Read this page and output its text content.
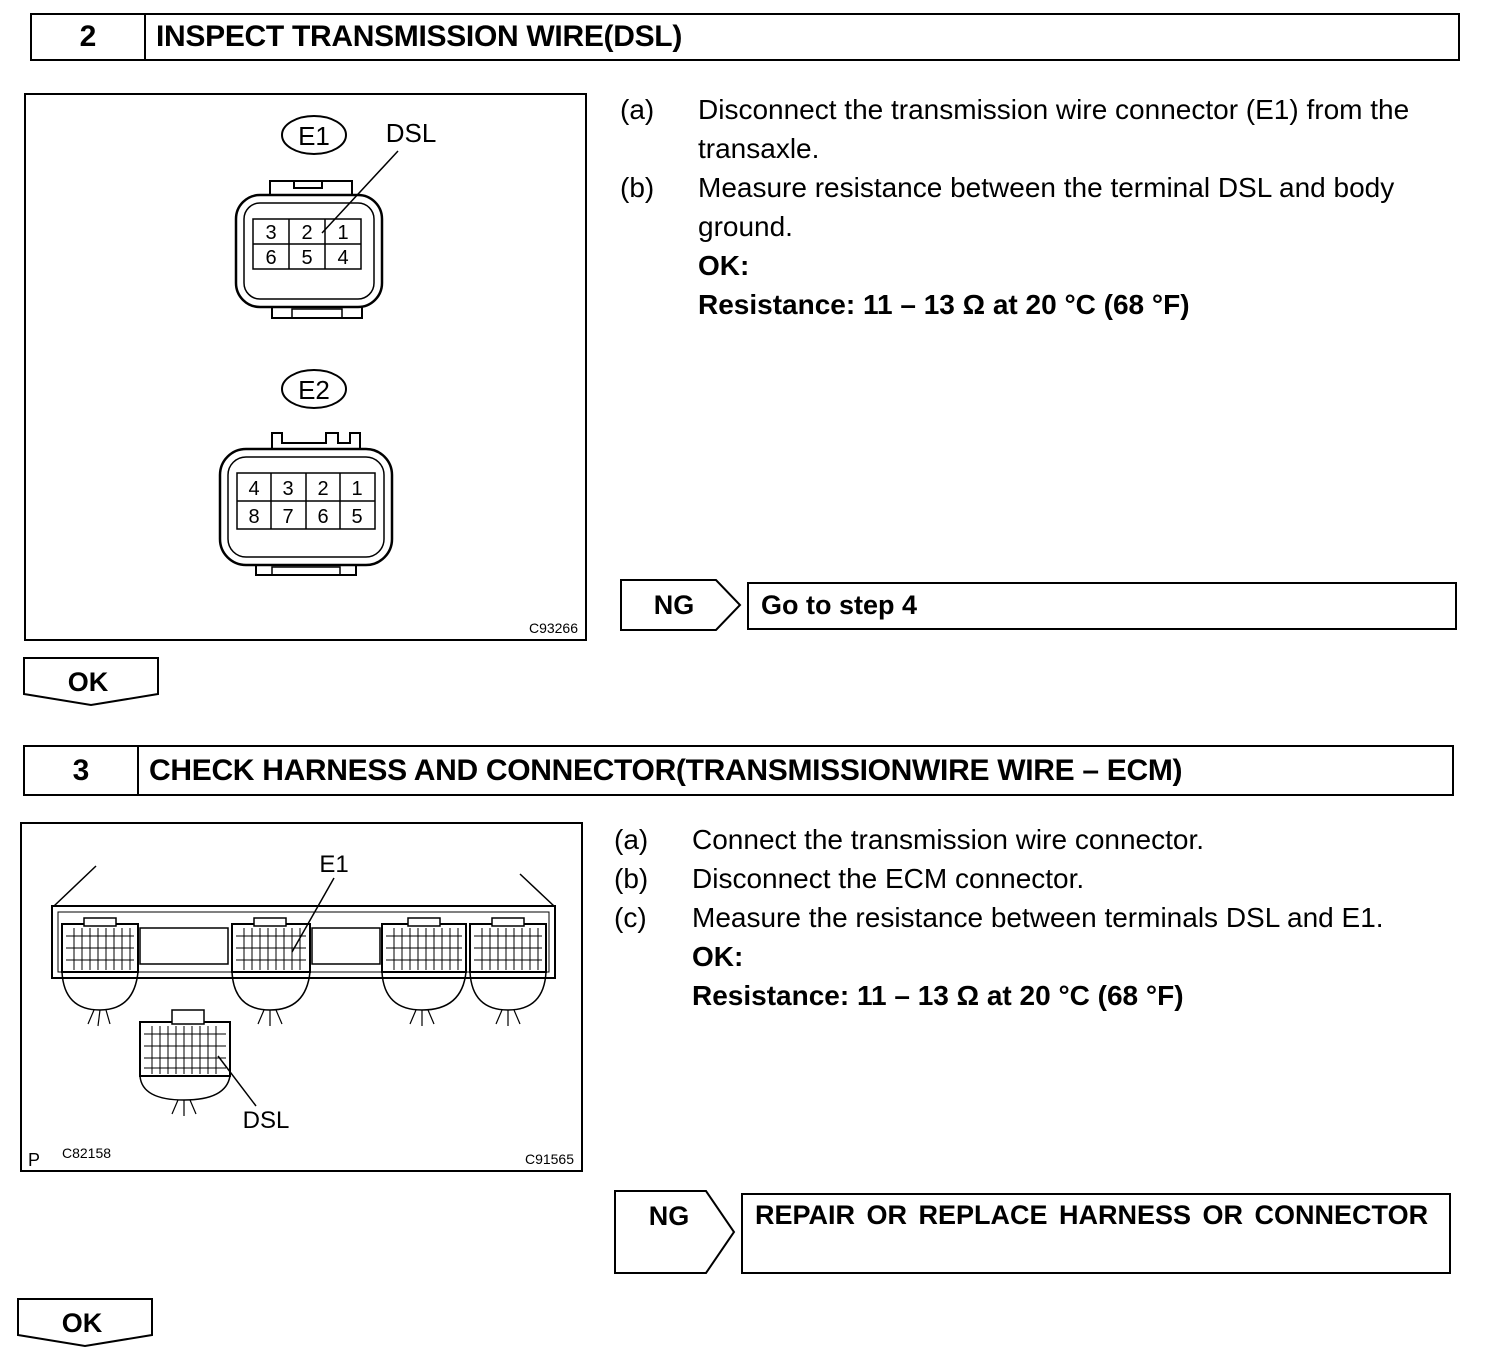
2	INSPECT TRANSMISSION WIRE(DSL)
E1 DSL
3 2 1
6 5 4
E2
4 3 2 1
8 7 6 5
C93266
(a)	Disconnect the transmission wire connector (E1) from the transaxle.
(b)	Measure resistance between the terminal DSL and body ground.
OK:
Resistance: 11 – 13 Ω at 20 °C (68 °F)
NG	Go to step 4
OK
3	CHECK HARNESS AND CONNECTOR(TRANSMISSIONWIRE WIRE – ECM)
E1
DSL
P C82158	C91565
(a)	Connect the transmission wire connector.
(b)	Disconnect the ECM connector.
(c)	Measure the resistance between terminals DSL and E1.
OK:
Resistance: 11 – 13 Ω at 20 °C (68 °F)
NG REPAIR OR REPLACE HARNESS OR CONNECTOR
OK
